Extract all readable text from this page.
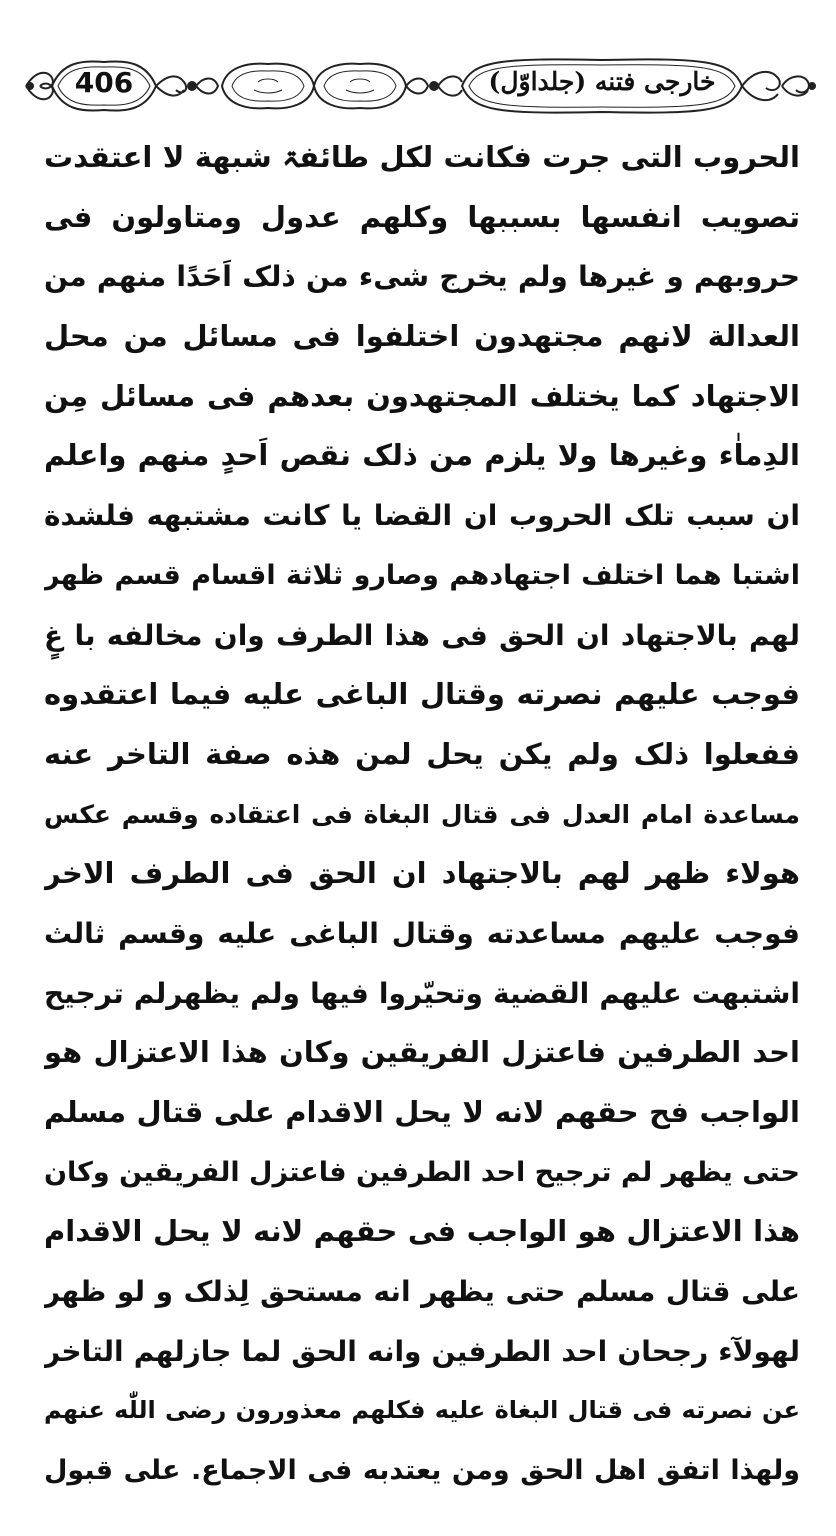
406	خارجی فتنه (جلداوّل)
الحروب التی جرت فکانت لکل طائفۃ شبهة لا اعتقدت
تصویب انفسها بسببها وکلهم عدول ومتاولون فی
حروبهم و غیرها ولم یخرج شیء من ذلک اَحَدًا منهم من
العدالة لانهم مجتهدون اختلفوا فی مسائل من محل
الاجتهاد کما یختلف المجتهدون بعدهم فی مسائل مِن
الدِماٰء وغیرها ولا یلزم من ذلک نقص اَحدٍ منهم واعلم
ان سبب تلک الحروب ان القضا یا کانت مشتبهه فلشدة
اشتبا هما اختلف اجتهادهم وصارو ثلاثة اقسام قسم ظهر
لهم بالاجتهاد ان الحق فی هذا الطرف وان مخالفه با غٍ
فوجب علیهم نصرته وقتال الباغی علیه فیما اعتقدوه
ففعلوا ذلک ولم یکن یحل لمن هذه صفة التاخر عنه
مساعدة امام العدل فی قتال البغاة فی اعتقاده وقسم عکس
هولاء ظهر لهم بالاجتهاد ان الحق فی الطرف الاخر
فوجب علیهم مساعدته وقتال الباغی علیه وقسم ثالث
اشتبهت علیهم القضیة وتحیّروا فیها ولم یظهرلم ترجیح
احد الطرفین فاعتزل الفریقین وکان هذا الاعتزال هو
الواجب فح حقهم لانه لا یحل الاقدام علی قتال مسلم
حتی یظهر لم ترجیح احد الطرفین فاعتزل الفریقین وکان
هذا الاعتزال هو الواجب فی حقهم لانه لا یحل الاقدام
علی قتال مسلم حتی یظهر انه مستحق لِذلک و لو ظهر
لهولآء رجحان احد الطرفین وانه الحق لما جازلهم التاخر
عن نصرته فی قتال البغاة علیه فکلهم معذورون رضی اللّٰه عنهم
ولهذا اتفق اهل الحق ومن یعتدبه فی الاجماع. علی قبول
